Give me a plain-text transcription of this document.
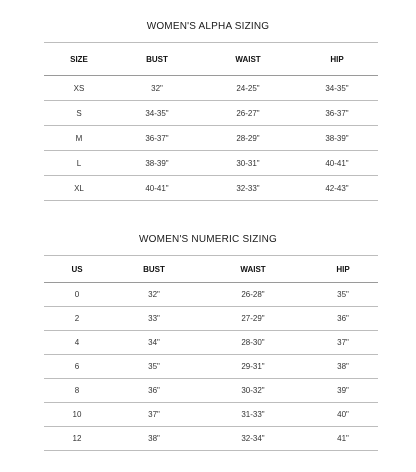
WOMEN'S ALPHA SIZING
SIZE	BUST	WAIST	HIP
XS	32"	24-25"	34-35"
S	34-35"	26-27"	36-37"
M	36-37"	28-29"	38-39"
L	38-39"	30-31"	40-41"
XL	40-41"	32-33"	42-43"
WOMEN'S NUMERIC SIZING
US	BUST	WAIST	HIP
0	32"	26-28"	35"
2	33"	27-29"	36"
4	34"	28-30"	37"
6	35"	29-31"	38"
8	36"	30-32"	39"
10	37"	31-33"	40"
12	38"	32-34"	41"
